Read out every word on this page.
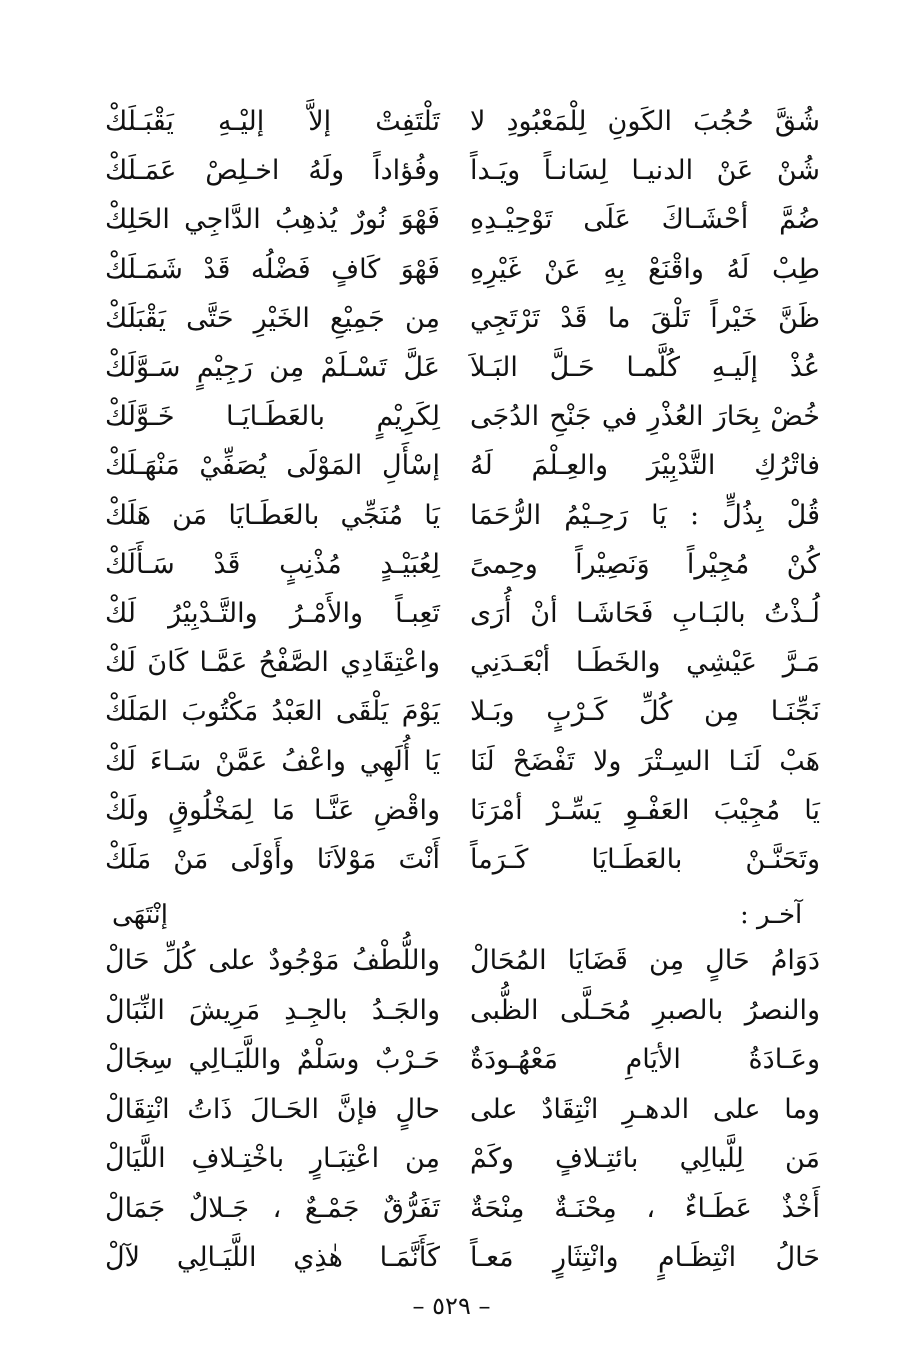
شُقَّ حُجُبَ الكَونِ لِلْمَعْبُودِ لا
تَلْتَفِتْ إلاَّ إليْـهِ يَقْبَـلَكْ
شُنْ عَنْ الدنيـا لِسَانـاً ويَـداً
وفُؤاداً ولَهُ اخـلِصْ عَمَـلَكْ
ضُمَّ أحْشَـاكَ عَلَى تَوْحِيْـدِهِ
فَهْوَ نُورٌ يُذهِبُ الدَّاجِي الحَلِكْ
طِبْ لَهُ واقْنَعْ بِهِ عَنْ غَيْرِهِ
فَهْوَ كَافٍ فَضْلُه قَدْ شَمَـلَكْ
ظَنَّ خَيْراً تَلْقَ ما قَدْ تَرْتَجِي
مِن جَمِيْعِ الخَيْرِ حَتَّى يَقْبَلَكْ
عُذْ إلَيـهِ كُلَّمـا حَـلَّ البَـلاَ
عَلَّ تَسْـلَمْ مِن رَجِيْمٍ سَـوَّلَكْ
خُضْ بِحَارَ العُذْرِ في جَنْحِ الدُجَى
لِكَرِيْمٍ بالعَطَـايَـا خَـوَّلَكْ
فاتْرُكِ التَّدْبِيْرَ والعِـلْمَ لَهُ
إسْأَلِ المَوْلَى يُصَفِّيْ مَنْهَـلَكْ
قُلْ بِذُلٍّ : يَا رَحِـيْمُ الرُّحَمَا
يَا مُنَجِّي بالعَطَـايَا مَن هَلَكْ
كُنْ مُجِيْراً وَنَصِيْراً وحِمىً
لِعُبَيْـدٍ مُذْنِبٍ قَدْ سَـأَلَكْ
لُـذْتُ بالبَـابِ فَحَاشَـا أنْ أُرَى
تَعِبـاً والأَمْـرُ والتَّـدْبِيْرُ لَكْ
مَـرَّ عَيْشِي والخَطَـا أبْعَـدَنِي
واعْتِقَادِي الصَّفْحُ عَمَّـا كَانَ لَكْ
نَجِّنَـا مِن كُلِّ كَـرْبٍ وبَـلا
يَوْمَ يَلْقَى العَبْدُ مَكْتُوبَ المَلَكْ
هَبْ لَنَـا السِـتْرَ ولا تَفْضَحْ لَنَا
يَا أُلَهِي واعْفُ عَمَّنْ سَـاءَ لَكْ
يَا مُجِيْبَ العَفْـوِ يَسِّـرْ أمْرَنَا
واقْضِ عَنَّـا مَا لِمَخْلُوقٍ ولَكْ
وتَحَنَّـنْ بالعَطَـايَا كَـرَماً
أَنْتَ مَوْلاَنَا وأَوْلَى مَنْ مَلَكْ
إنْتَهَى	آخـر :
دَوَامُ حَالٍ مِن قَضَايَا المُحَالْ
واللُّطْفُ مَوْجُودٌ على كُلِّ حَالْ
والنصرُ بالصبرِ مُحَـلَّى الظُّبى
والجَـدُ بالجِـدِ مَرِيشَ النِّبَالْ
وعَـادَةُ الأيَامِ مَعْهُـودَةٌ
حَـرْبٌ وسَلْمٌ واللَّيَـالِي سِجَالْ
وما على الدهـرِ انْتِقَادٌ على
حالٍ فإنَّ الحَـالَ ذَاتُ انْتِقَالْ
مَن لِلَّيالِي بائتِـلافٍ وكَمْ
مِن اعْتِبَـارٍ باخْتِـلافِ اللَّيَالْ
أَخْذٌ عَطَـاءٌ ، مِحْنَـةٌ مِنْحَةٌ
تَفَرُّقٌ جَمْـعٌ ، جَـلالٌ جَمَالْ
حَالُ انْتِظَـامٍ وانْتِثَارٍ مَعـاً
كَأَنَّمَـا هٰذِي اللَّيَـالِي لآلْ
– ٥٢٩ –
